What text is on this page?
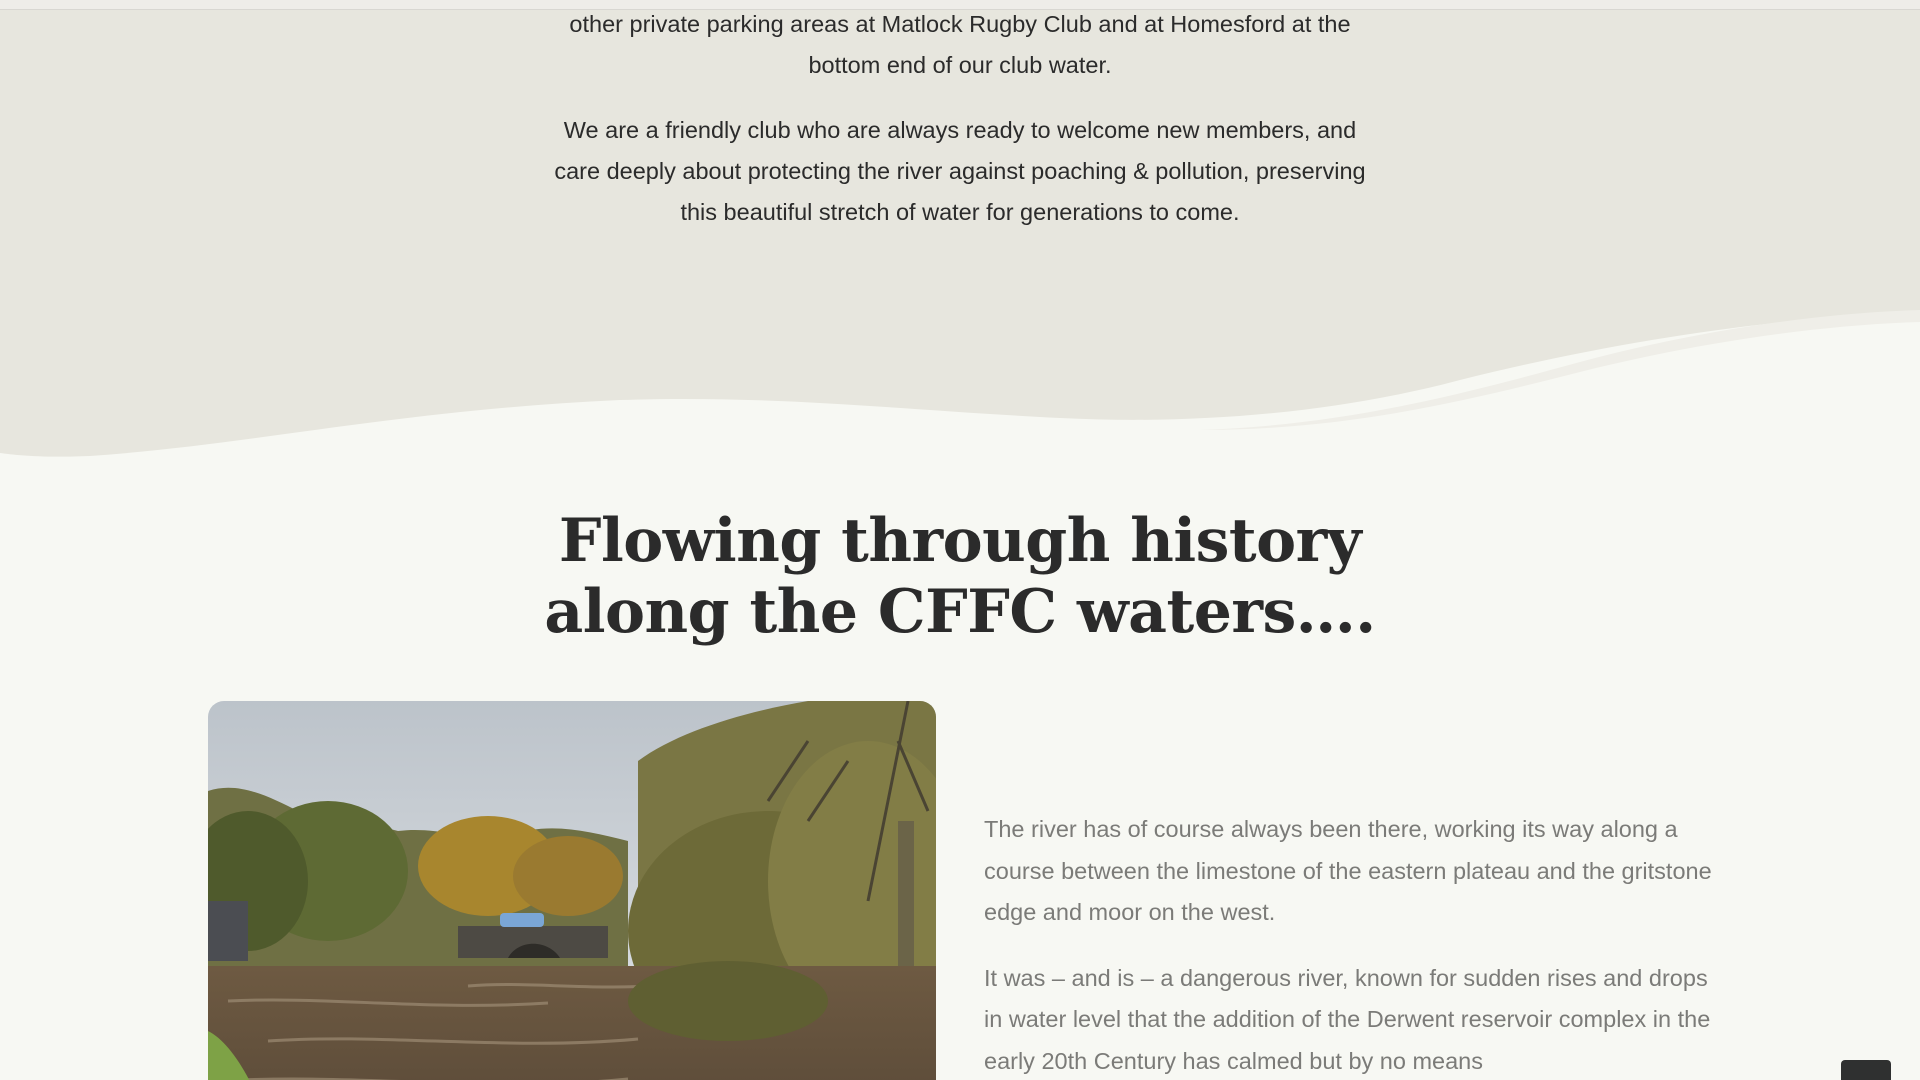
other private parking areas at Matlock Rugby Club and at Homesford at the bottom end of our club water.

We are a friendly club who are always ready to welcome new members, and care deeply about protecting the river against poaching & pollution, preserving this beautiful stretch of water for generations to come.

Flowing through history along the CFFC waters….

The river has of course always been there, working its way along a course between the limestone of the eastern plateau and the gritstone edge and moor on the west.

It was – and is – a dangerous river, known for sudden rises and drops in water level that the addition of the Derwent reservoir complex in the early 20th Century has calmed but by no means
